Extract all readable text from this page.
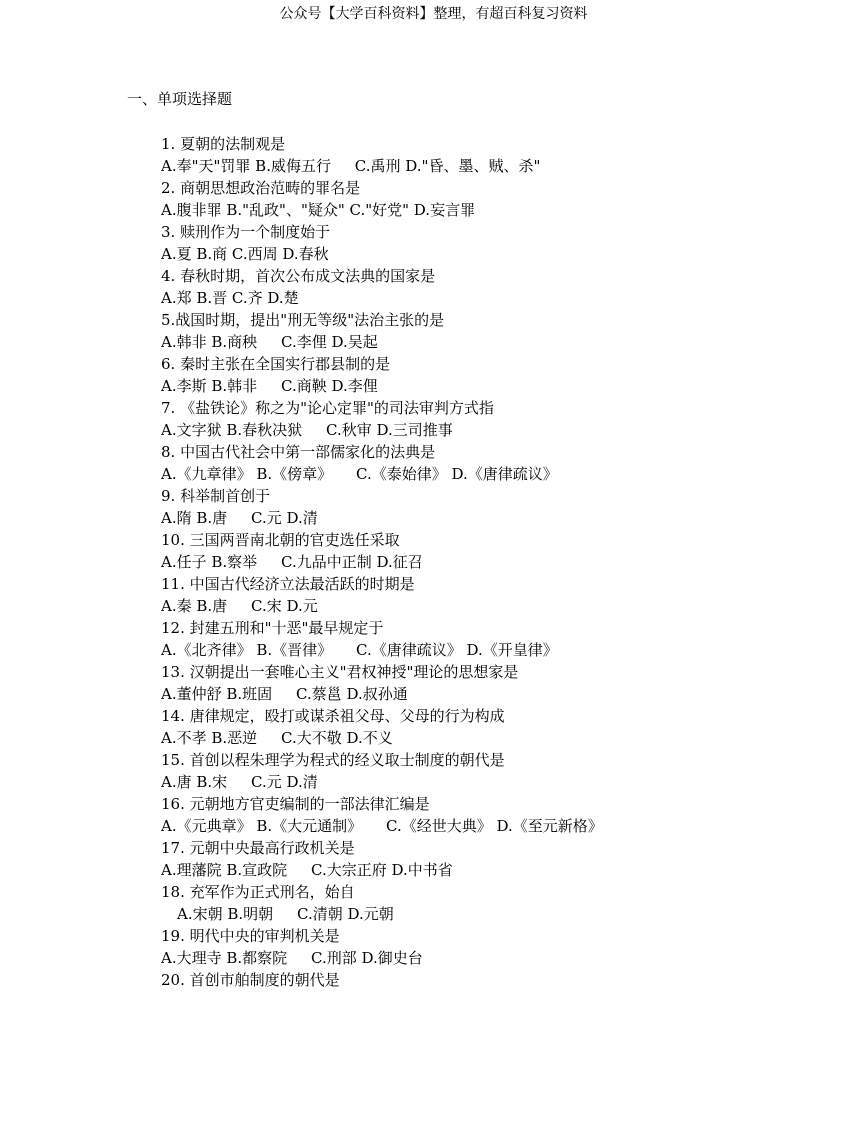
公众号【大学百科资料】整理，有超百科复习资料
一、单项选择题
1. 夏朝的法制观是
A.奉"天"罚罪 B.威侮五行     C.禹刑 D."昏、墨、贼、杀"
2. 商朝思想政治范畴的罪名是
A.腹非罪 B."乱政"、"疑众" C."好党" D.妄言罪
3. 赎刑作为一个制度始于
A.夏 B.商 C.西周 D.春秋
4. 春秋时期，首次公布成文法典的国家是
A.郑 B.晋 C.齐 D.楚
5.战国时期，提出"刑无等级"法治主张的是
A.韩非 B.商秧     C.李俚 D.吴起
6. 秦时主张在全国实行郡县制的是
A.李斯 B.韩非     C.商鞅 D.李俚
7. 《盐铁论》称之为"论心定罪"的司法审判方式指
A.文字狱 B.春秋决狱     C.秋审 D.三司推事
8. 中国古代社会中第一部儒家化的法典是
A.《九章律》 B.《傍章》     C.《泰始律》 D.《唐律疏议》
9. 科举制首创于
A.隋 B.唐     C.元 D.清
10. 三国两晋南北朝的官吏选任采取
A.任子 B.察举     C.九品中正制 D.征召
11. 中国古代经济立法最活跃的时期是
A.秦 B.唐     C.宋 D.元
12. 封建五刑和"十恶"最早规定于
A.《北齐律》 B.《晋律》     C.《唐律疏议》 D.《开皇律》
13. 汉朝提出一套唯心主义"君权神授"理论的思想家是
A.董仲舒 B.班固     C.蔡邕 D.叔孙通
14. 唐律规定，殴打或谋杀祖父母、父母的行为构成
A.不孝 B.恶逆     C.大不敬 D.不义
15. 首创以程朱理学为程式的经义取士制度的朝代是
A.唐 B.宋     C.元 D.清
16. 元朝地方官吏编制的一部法律汇编是
A.《元典章》 B.《大元通制》     C.《经世大典》 D.《至元新格》
17. 元朝中央最高行政机关是
A.理藩院 B.宣政院     C.大宗正府 D.中书省
18. 充军作为正式刑名，始自
A.宋朝 B.明朝     C.清朝 D.元朝
19. 明代中央的审判机关是
A.大理寺 B.都察院     C.刑部 D.御史台
20. 首创市舶制度的朝代是
